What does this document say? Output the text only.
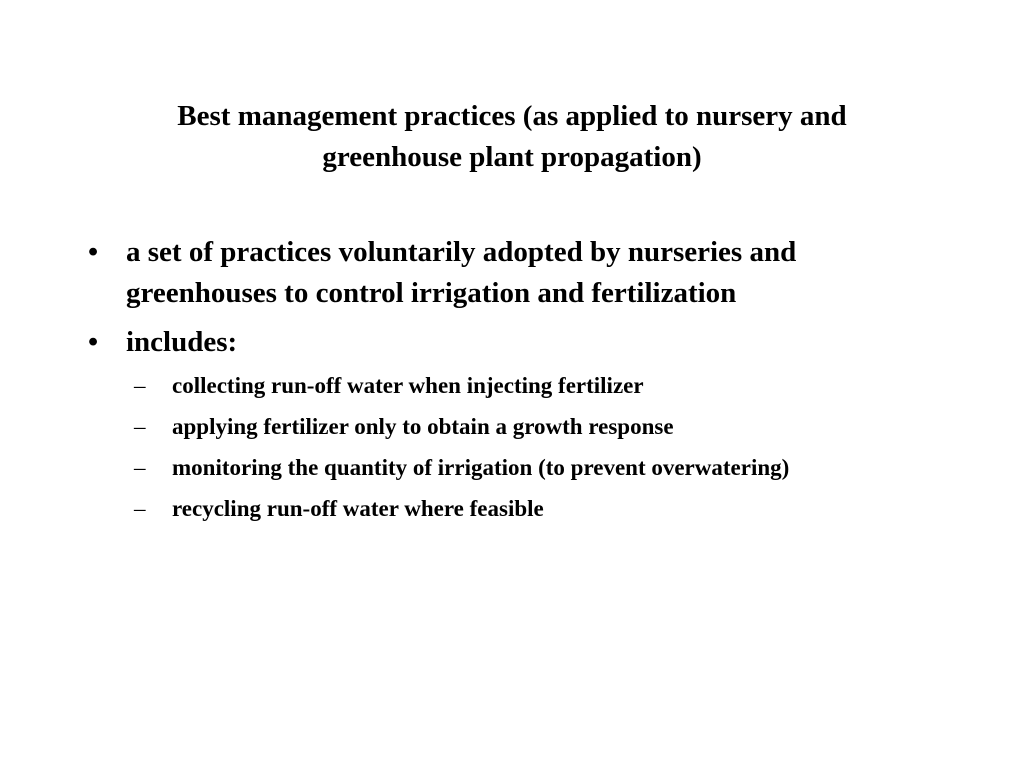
Best management practices (as applied to nursery and
greenhouse plant propagation)
• a set of practices voluntarily adopted by nurseries and
greenhouses to control irrigation and fertilization
• includes:
– collecting run-off water when injecting fertilizer
– applying fertilizer only to obtain a growth response
– monitoring the quantity of irrigation (to prevent overwatering)
– recycling run-off water where feasible
